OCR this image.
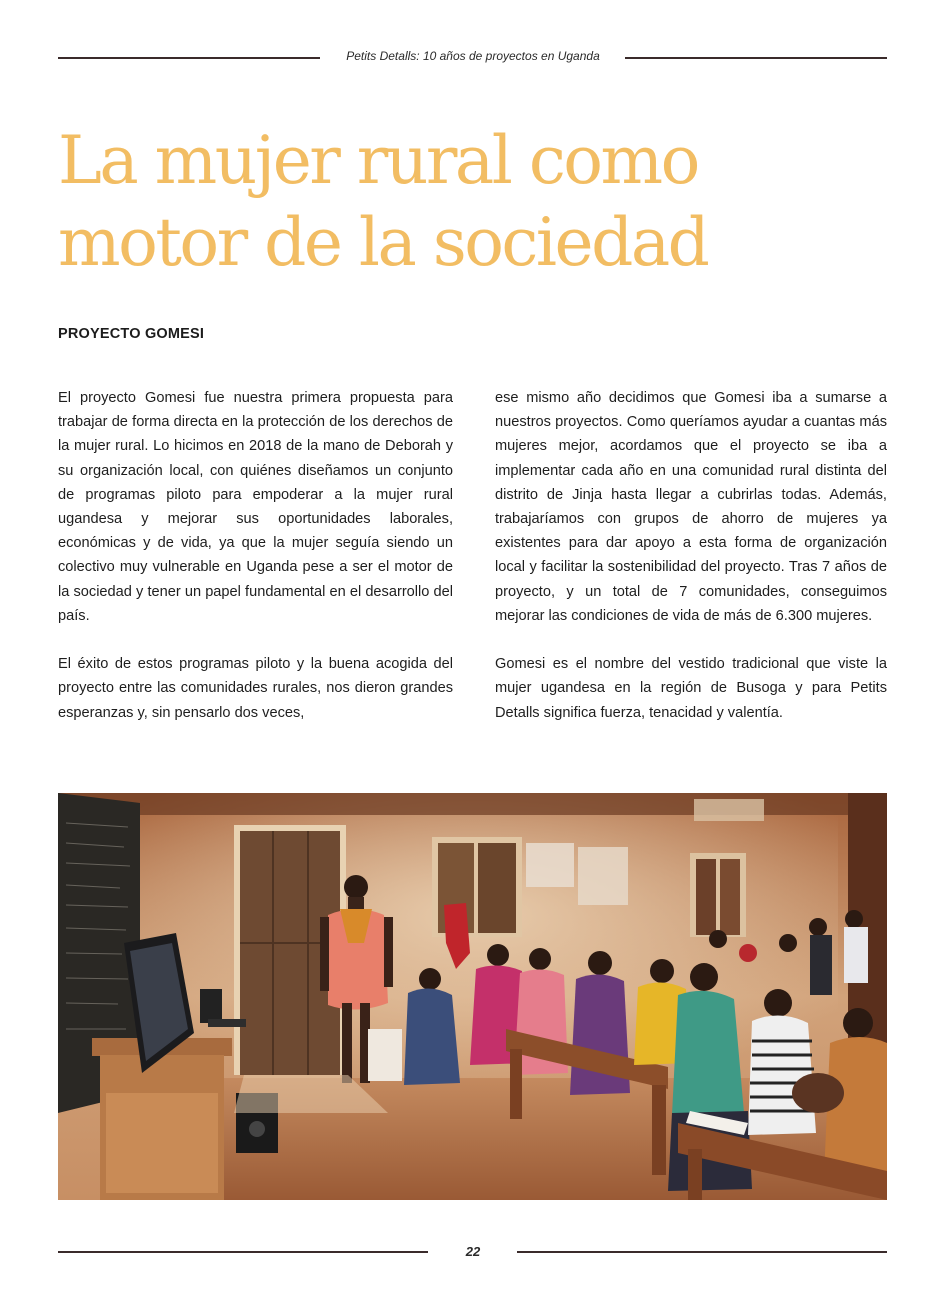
Petits Detalls: 10 años de proyectos en Uganda
La mujer rural como
motor de la sociedad
PROYECTO GOMESI

El proyecto Gomesi fue nuestra primera propuesta para trabajar de forma directa en la protección de los derechos de la mujer rural. Lo hicimos en 2018 de la mano de Deborah y su organización local, con quiénes diseñamos un conjunto de programas piloto para empoderar a la mujer rural ugandesa y mejorar sus oportunidades laborales, económicas y de vida, ya que la mujer seguía siendo un colectivo muy vulnerable en Uganda pese a ser el motor de la sociedad y tener un papel fundamental en el desarrollo del país.

El éxito de estos programas piloto y la buena acogida del proyecto entre las comunidades rurales, nos dieron grandes esperanzas y, sin pensarlo dos veces,

ese mismo año decidimos que Gomesi iba a sumarse a nuestros proyectos. Como queríamos ayudar a cuantas más mujeres mejor, acordamos que el proyecto se iba a implementar cada año en una comunidad rural distinta del distrito de Jinja hasta llegar a cubrirlas todas. Además, trabajaríamos con grupos de ahorro de mujeres ya existentes para dar apoyo a esta forma de organización local y facilitar la sostenibilidad del proyecto. Tras 7 años de proyecto, y un total de 7 comunidades, conseguimos mejorar las condiciones de vida de más de 6.300 mujeres.

Gomesi es el nombre del vestido tradicional que viste la mujer ugandesa en la región de Busoga y para Petits Detalls significa fuerza, tenacidad y valentía.

22
